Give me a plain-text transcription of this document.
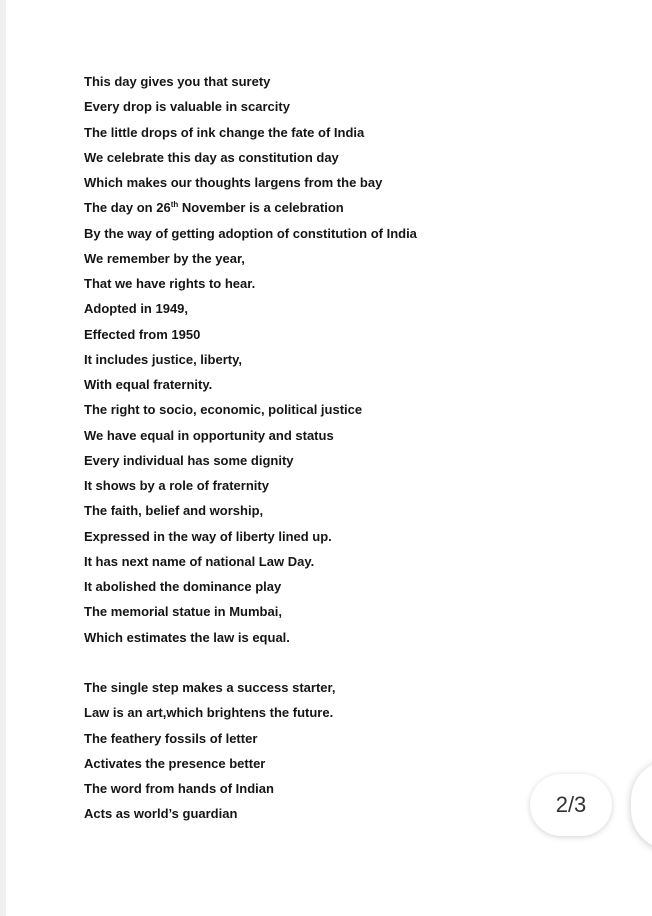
This day gives you that surety
Every drop is valuable in scarcity
The little drops of ink change the fate of India
We celebrate this day as constitution day
Which makes our thoughts largens from the bay
The day on 26th November is a celebration
By the way of getting adoption of constitution of India
We remember by the year,
That we have rights to hear.
Adopted in 1949,
Effected from 1950
It includes justice, liberty,
With equal fraternity.
The right to socio, economic, political justice
We have equal in opportunity and status
Every individual has some dignity
It shows by a role of fraternity
The faith, belief and worship,
Expressed in the way of liberty lined up.
It has next name of national Law Day.
It abolished the dominance play
The memorial statue in Mumbai,
Which estimates the law is equal.
The single step makes a success starter,
Law is an art,which brightens the future.
The feathery fossils of letter
Activates the presence better
The word from hands of Indian
Acts as world’s guardian	2/3
